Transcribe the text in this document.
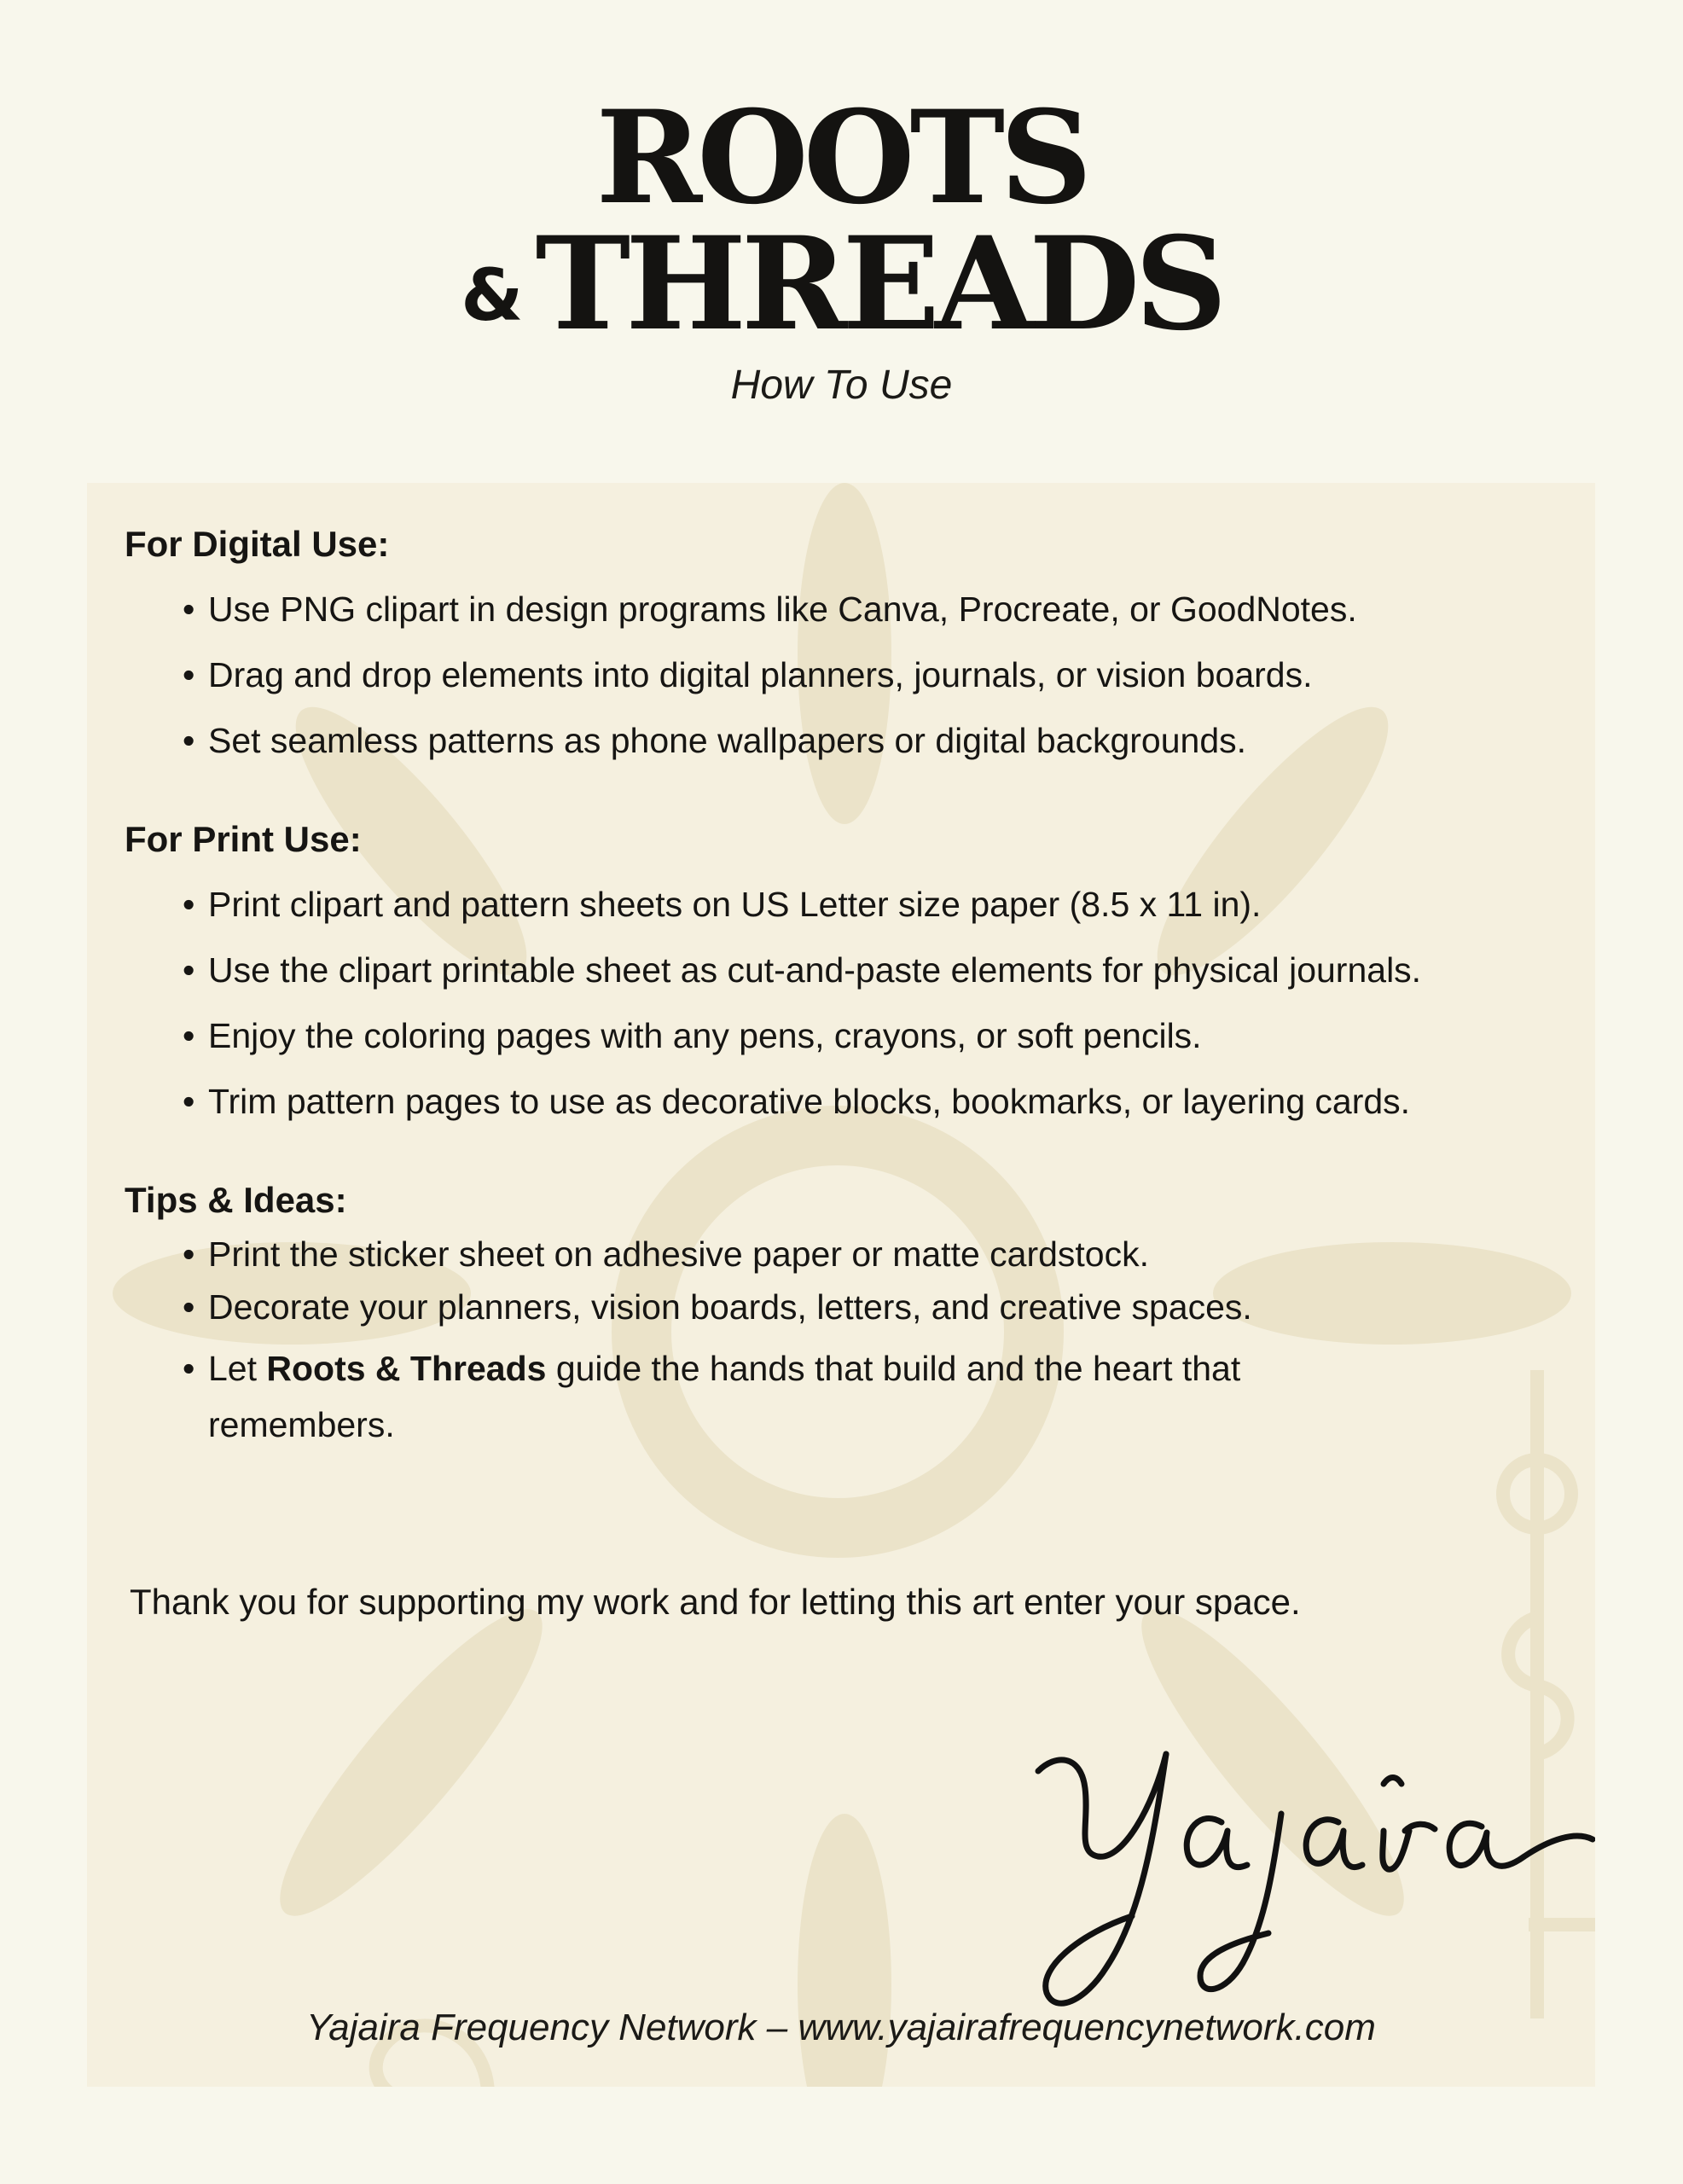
ROOTS
&THREADS
How To Use
For Digital Use:
• Use PNG clipart in design programs like Canva, Procreate, or GoodNotes.
• Drag and drop elements into digital planners, journals, or vision boards.
• Set seamless patterns as phone wallpapers or digital backgrounds.
For Print Use:
• Print clipart and pattern sheets on US Letter size paper (8.5 x 11 in).
• Use the clipart printable sheet as cut-and-paste elements for physical journals.
• Enjoy the coloring pages with any pens, crayons, or soft pencils.
• Trim pattern pages to use as decorative blocks, bookmarks, or layering cards.
Tips & Ideas:
• Print the sticker sheet on adhesive paper or matte cardstock.
• Decorate your planners, vision boards, letters, and creative spaces.
• Let Roots & Threads guide the hands that build and the heart that remembers.

Thank you for supporting my work and for letting this art enter your space.

Yajaira Frequency Network – www.yajairafrequencynetwork.com
